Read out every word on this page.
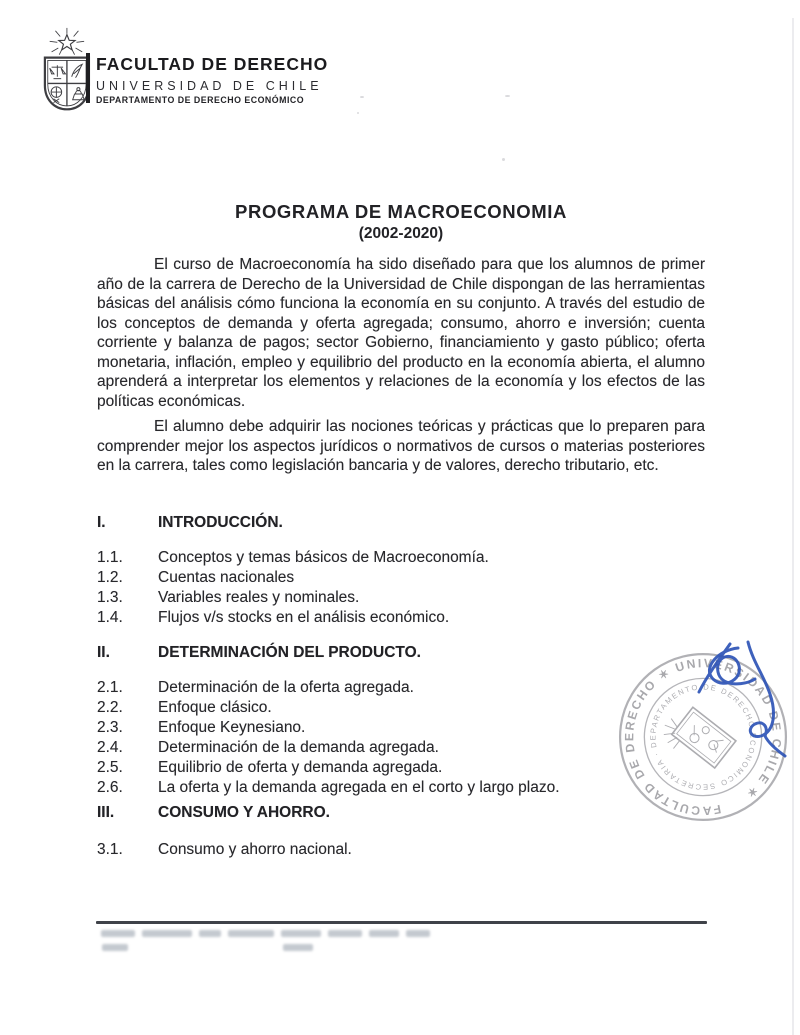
FACULTAD DE DERECHO
UNIVERSIDAD DE CHILE
DEPARTAMENTO DE DERECHO ECONÓMICO
PROGRAMA DE MACROECONOMIA
(2002-2020)

El curso de Macroeconomía ha sido diseñado para que los alumnos de primer año de la carrera de Derecho de la Universidad de Chile dispongan de las herramientas básicas del análisis cómo funciona la economía en su conjunto. A través del estudio de los conceptos de demanda y oferta agregada; consumo, ahorro e inversión; cuenta corriente y balanza de pagos; sector Gobierno, financiamiento y gasto público; oferta monetaria, inflación, empleo y equilibrio del producto en la economía abierta, el alumno aprenderá a interpretar los elementos y relaciones de la economía y los efectos de las políticas económicas.

El alumno debe adquirir las nociones teóricas y prácticas que lo preparen para comprender mejor los aspectos jurídicos o normativos de cursos o materias posteriores en la carrera, tales como legislación bancaria y de valores, derecho tributario, etc.

I.	INTRODUCCIÓN.
1.1.	Conceptos y temas básicos de Macroeconomía.
1.2.	Cuentas nacionales
1.3.	Variables reales y nominales.
1.4.	Flujos v/s stocks en el análisis económico.
II.	DETERMINACIÓN DEL PRODUCTO.
2.1.	Determinación de la oferta agregada.
2.2.	Enfoque clásico.
2.3.	Enfoque Keynesiano.
2.4.	Determinación de la demanda agregada.
2.5.	Equilibrio de oferta y demanda agregada.
2.6.	La oferta y la demanda agregada en el corto y largo plazo.
III.	CONSUMO Y AHORRO.
3.1.	Consumo y ahorro nacional.
FACULTAD DE DERECHO ✶ UNIVERSIDAD DE CHILE ✶
SECRETARIA · DEPARTAMENTO DE DERECHO ECONOMICO
